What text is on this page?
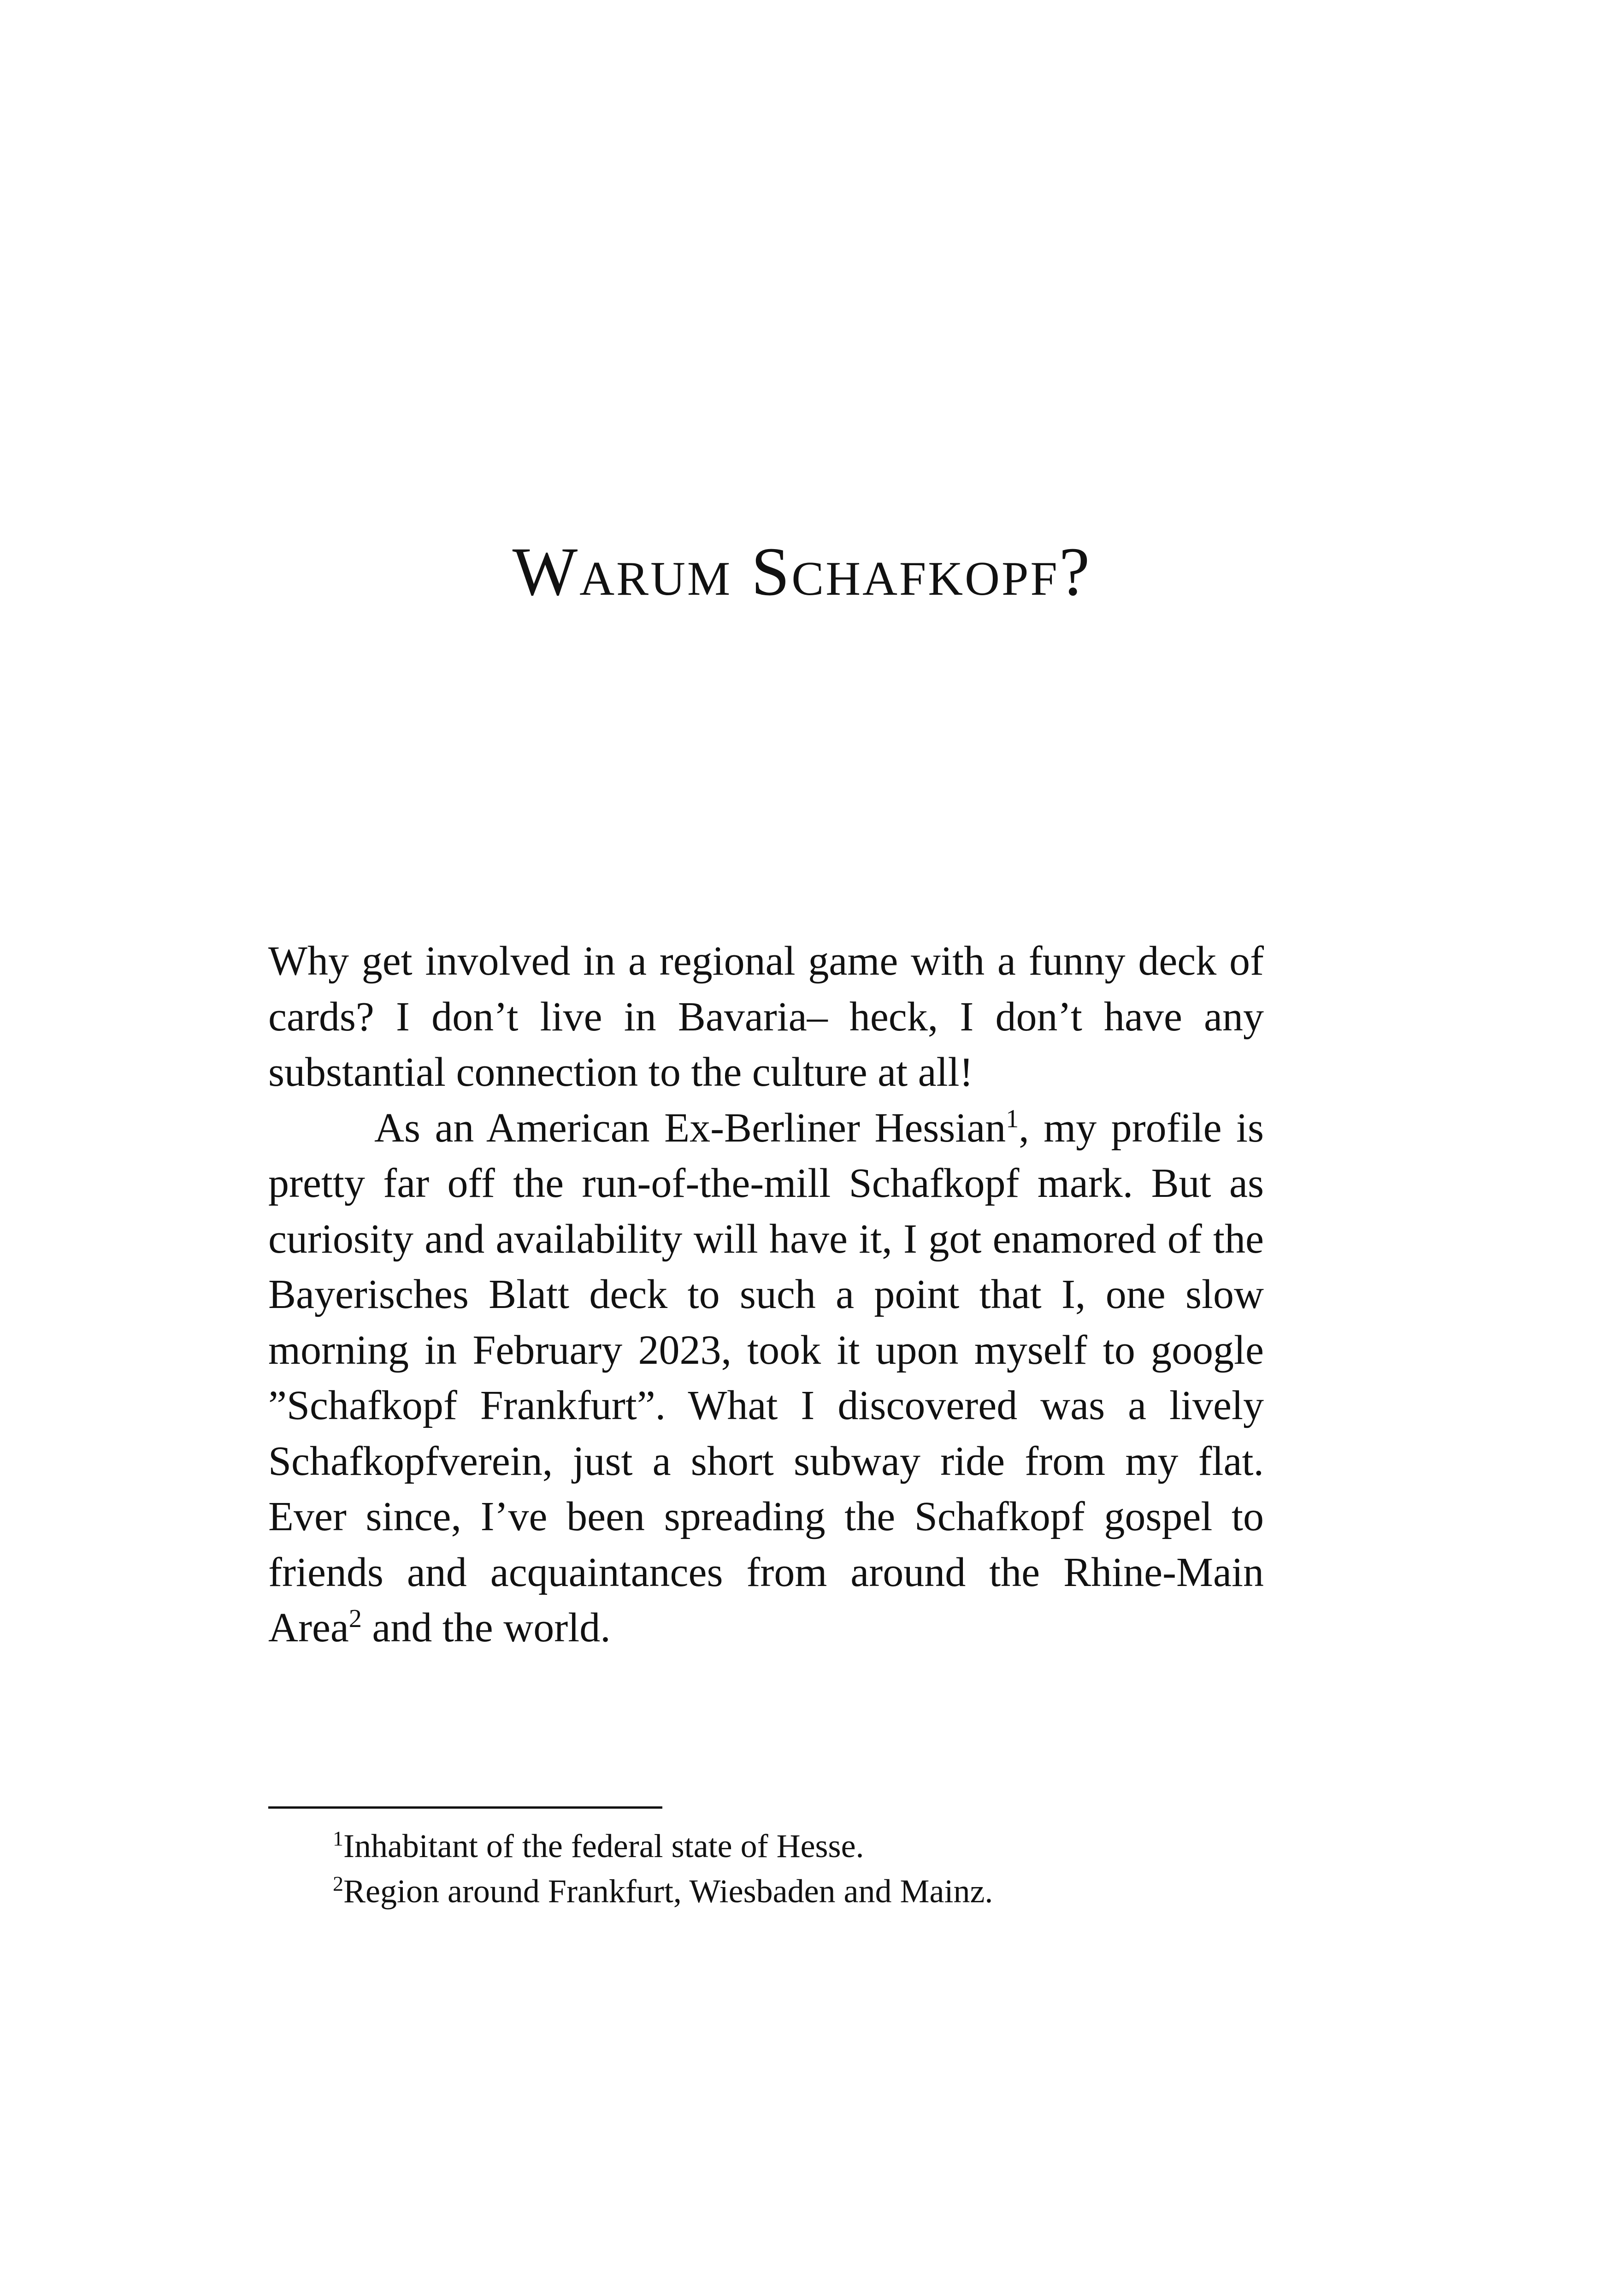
Warum Schafkopf?

Why get involved in a regional game with a funny deck of cards? I don’t live in Bavaria– heck, I don’t have any substantial connection to the culture at all!

As an American Ex-Berliner Hessian$^1$, my profile is pretty far off the run-of-the-mill Schafkopf mark. But as curiosity and availability will have it, I got enamored of the Bayerisches Blatt deck to such a point that I, one slow morning in February 2023, took it upon myself to google ”Schafkopf Frankfurt”. What I discovered was a lively Schafkopfverein, just a short subway ride from my flat. Ever since, I’ve been spreading the Schafkopf gospel to friends and acquaintances from around the Rhine-Main Area$^2$ and the world.

$^1$Inhabitant of the federal state of Hesse.

$^2$Region around Frankfurt, Wiesbaden and Mainz.
